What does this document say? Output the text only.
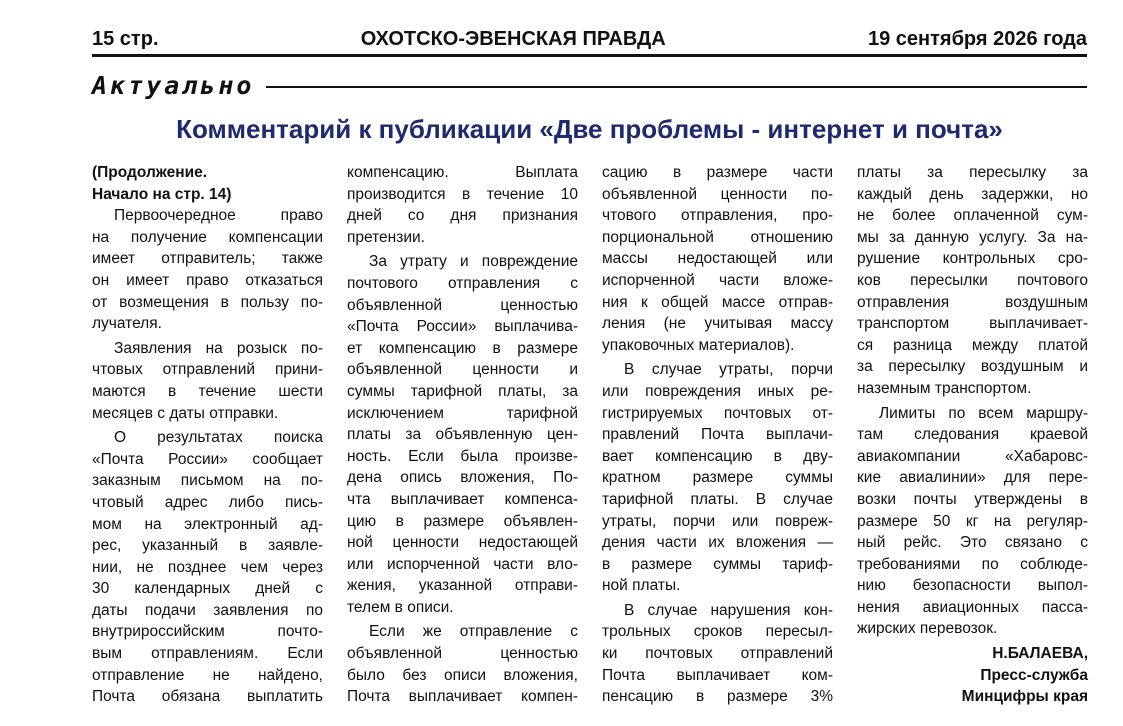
15 стр.	ОХОТСКО-ЭВЕНСКАЯ ПРАВДА	19 сентября 2026 года
Актуально
Комментарий к публикации «Две проблемы - интернет и почта»
(Продолжение.
Начало на стр. 14)
Первоочередное право
на получение компенсации
имеет отправитель; также
он имеет право отказаться
от возмещения в пользу по-
лучателя.
Заявления на розыск по-
чтовых отправлений прини-
маются в течение шести
месяцев с даты отправки.
О результатах поиска
«Почта России» сообщает
заказным письмом на по-
чтовый адрес либо пись-
мом на электронный ад-
рес, указанный в заявле-
нии, не позднее чем через
30 календарных дней с
даты подачи заявления по
внутрироссийским почто-
вым отправлениям. Если
отправление не найдено,
Почта обязана выплатить
компенсацию. Выплата
производится в течение 10
дней со дня признания
претензии.
За утрату и повреждение
почтового отправления с
объявленной ценностью
«Почта России» выплачива-
ет компенсацию в размере
объявленной ценности и
суммы тарифной платы, за
исключением тарифной
платы за объявленную цен-
ность. Если была произве-
дена опись вложения, По-
чта выплачивает компенса-
цию в размере объявлен-
ной ценности недостающей
или испорченной части вло-
жения, указанной отправи-
телем в описи.
Если же отправление с
объявленной ценностью
было без описи вложения,
Почта выплачивает компен-
сацию в размере части
объявленной ценности по-
чтового отправления, про-
порциональной отношению
массы недостающей или
испорченной части вложе-
ния к общей массе отправ-
ления (не учитывая массу
упаковочных материалов).
В случае утраты, порчи
или повреждения иных ре-
гистрируемых почтовых от-
правлений Почта выплачи-
вает компенсацию в дву-
кратном размере суммы
тарифной платы. В случае
утраты, порчи или повреж-
дения части их вложения —
в размере суммы тариф-
ной платы.
В случае нарушения кон-
трольных сроков пересыл-
ки почтовых отправлений
Почта выплачивает ком-
пенсацию в размере 3%
платы за пересылку за
каждый день задержки, но
не более оплаченной сум-
мы за данную услугу. За на-
рушение контрольных сро-
ков пересылки почтового
отправления воздушным
транспортом выплачивает-
ся разница между платой
за пересылку воздушным и
наземным транспортом.
Лимиты по всем маршру-
там следования краевой
авиакомпании «Хабаровс-
кие авиалинии» для пере-
возки почты утверждены в
размере 50 кг на регуляр-
ный рейс. Это связано с
требованиями по соблюде-
нию безопасности выпол-
нения авиационных пасса-
жирских перевозок.
Н.БАЛАЕВА,
Пресс-служба
Минцифры края
